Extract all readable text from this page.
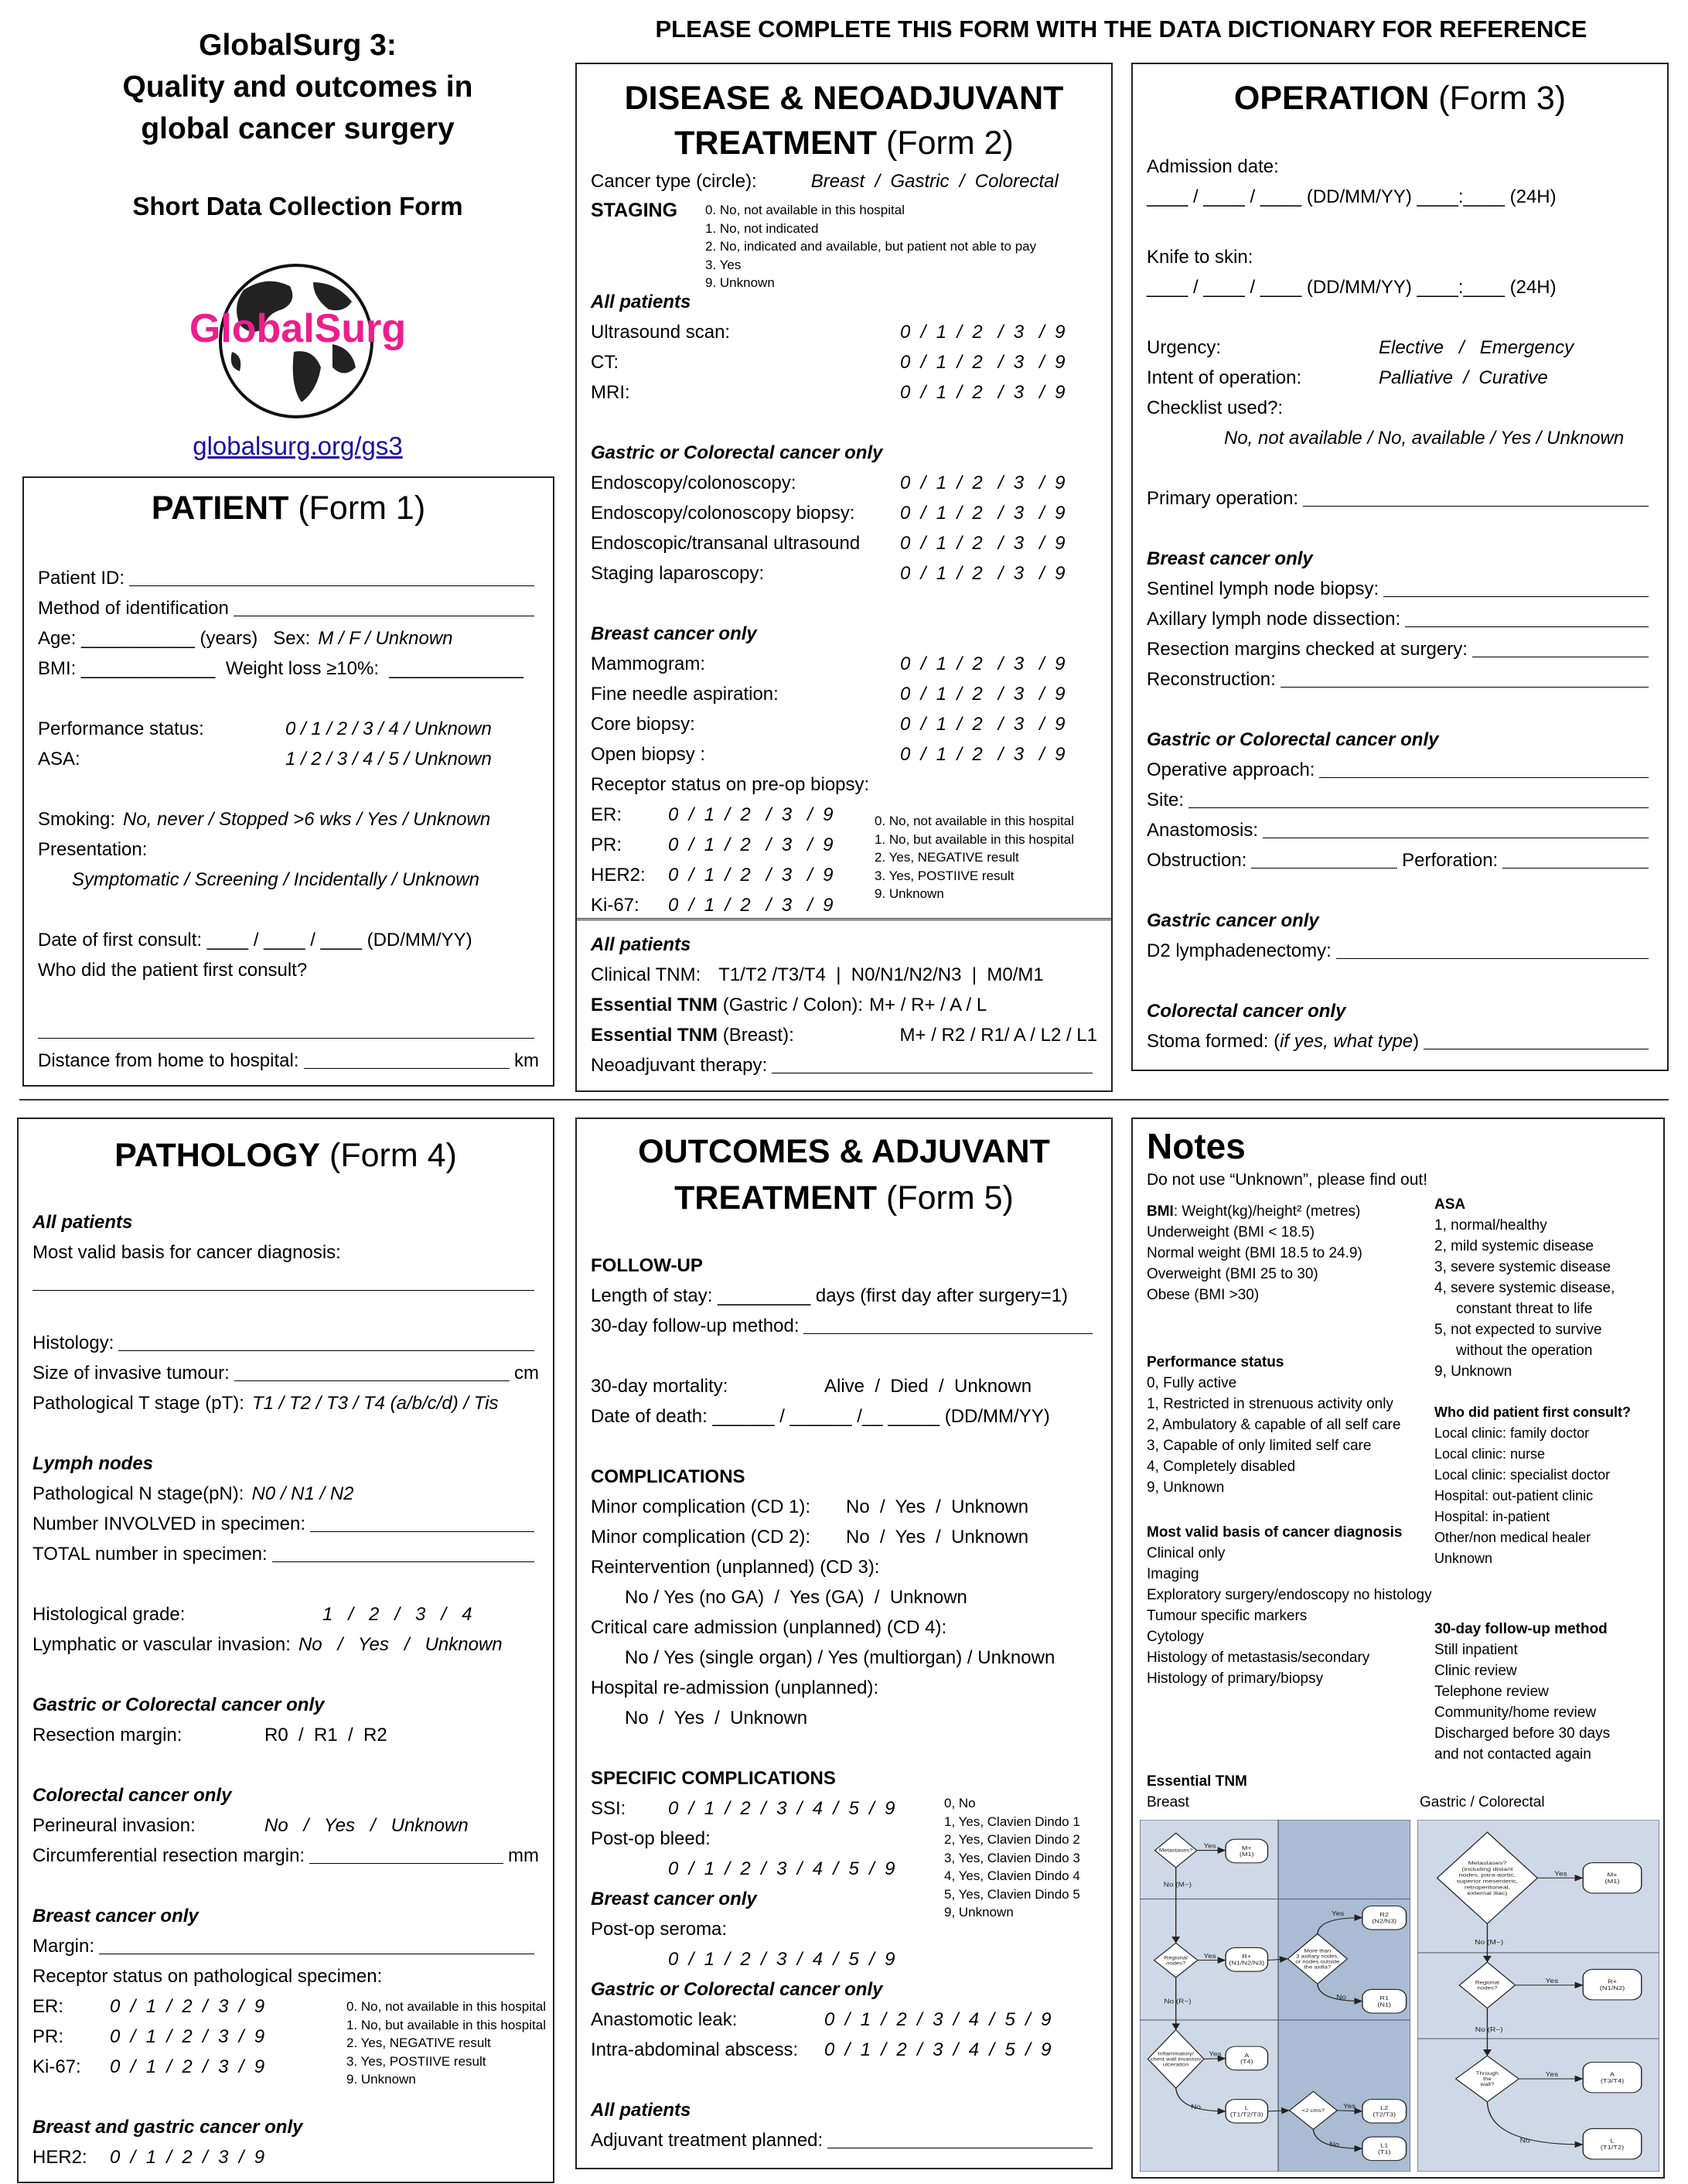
GlobalSurg 3:
Quality and outcomes in
global cancer surgery
Short Data Collection Form
GlobalSurg
globalsurg.org/gs3
PLEASE COMPLETE THIS FORM WITH THE DATA DICTIONARY FOR REFERENCE
PATIENT (Form 1)
Patient ID:
Method of identification
Age: ___________ (years)   Sex: M / F / Unknown
BMI: _____________  Weight loss ≥10%:  _____________
Performance status:	0 / 1 / 2 / 3 / 4 / Unknown
ASA:	1 / 2 / 3 / 4 / 5 / Unknown
Smoking: No, never / Stopped >6 wks / Yes / Unknown
Presentation:
Symptomatic / Screening / Incidentally / Unknown
Date of first consult: ____ / ____ / ____ (DD/MM/YY)
Who did the patient first consult?
Distance from home to hospital:	km
DISEASE & NEOADJUVANT
TREATMENT (Form 2)
Cancer type (circle): Breast  /  Gastric  /  Colorectal
STAGING 0. No, not available in this hospital
1. No, not indicated
2. No, indicated and available, but patient not able to pay
3. Yes
9. Unknown
All patients
Ultrasound scan:	0  /  1  /  2   /  3   /  9
CT:	0  /  1  /  2   /  3   /  9
MRI:	0  /  1  /  2   /  3   /  9
Gastric or Colorectal cancer only
Endoscopy/colonoscopy:	0  /  1  /  2   /  3   /  9
Endoscopy/colonoscopy biopsy:	0  /  1  /  2   /  3   /  9
Endoscopic/transanal ultrasound	0  /  1  /  2   /  3   /  9
Staging laparoscopy:	0  /  1  /  2   /  3   /  9
Breast cancer only
Mammogram:	0  /  1  /  2   /  3   /  9
Fine needle aspiration:	0  /  1  /  2   /  3   /  9
Core biopsy:	0  /  1  /  2   /  3   /  9
Open biopsy :	0  /  1  /  2   /  3   /  9
Receptor status on pre-op biopsy:
ER:	0  /  1  /  2   /  3   /  9
PR:	0  /  1  /  2   /  3   /  9
HER2:	0  /  1  /  2   /  3   /  9
Ki-67:	0  /  1  /  2   /  3   /  9
0. No, not available in this hospital
1. No, but available in this hospital
2. Yes, NEGATIVE result
3. Yes, POSTIIVE result
9. Unknown
All patients
Clinical TNM: T1/T2 /T3/T4  |  N0/N1/N2/N3  |  M0/M1
Essential TNM (Gastric / Colon): M+ / R+ / A / L
Essential TNM (Breast):	M+ / R2 / R1/ A / L2 / L1
Neoadjuvant therapy:
OPERATION (Form 3)
Admission date:
____ / ____ / ____ (DD/MM/YY) ____:____ (24H)
Knife to skin:
____ / ____ / ____ (DD/MM/YY) ____:____ (24H)
Urgency:	Elective   /   Emergency
Intent of operation:	Palliative  /  Curative
Checklist used?:
No, not available / No, available / Yes / Unknown
Primary operation:
Breast cancer only
Sentinel lymph node biopsy:
Axillary lymph node dissection:
Resection margins checked at surgery:
Reconstruction:
Gastric or Colorectal cancer only
Operative approach:
Site:
Anastomosis:
Obstruction:	Perforation:
Gastric cancer only
D2 lymphadenectomy:
Colorectal cancer only
Stoma formed: ( if yes, what type )
PATHOLOGY (Form 4)
All patients
Most valid basis for cancer diagnosis:
Histology:
Size of invasive tumour:	cm
Pathological T stage (pT): T1 / T2 / T3 / T4 (a/b/c/d) / Tis
Lymph nodes
Pathological N stage(pN): N0 / N1 / N2
Number INVOLVED in specimen:
TOTAL number in specimen:
Histological grade:	1   /   2   /   3   /   4
Lymphatic or vascular invasion: No   /   Yes   /   Unknown
Gastric or Colorectal cancer only
Resection margin:	R0  /  R1  /  R2
Colorectal cancer only
Perineural invasion:	No   /   Yes   /   Unknown
Circumferential resection margin:	mm
Breast cancer only
Margin:
Receptor status on pathological specimen:
ER:	0  /  1  /  2  /  3  /  9
PR:	0  /  1  /  2  /  3  /  9
Ki-67:	0  /  1  /  2  /  3  /  9
Breast and gastric cancer only
HER2:	0  /  1  /  2  /  3  /  9
0. No, not available in this hospital
1. No, but available in this hospital
2. Yes, NEGATIVE result
3. Yes, POSTIIVE result
9. Unknown
OUTCOMES & ADJUVANT
TREATMENT (Form 5)
FOLLOW-UP
Length of stay: _________ days (first day after surgery=1)
30-day follow-up method:
30-day mortality:	Alive  /  Died  /  Unknown
Date of death: ______ / ______ /__ _____ (DD/MM/YY)
COMPLICATIONS
Minor complication (CD 1):	No  /  Yes  /  Unknown
Minor complication (CD 2):	No  /  Yes  /  Unknown
Reintervention (unplanned) (CD 3):
No / Yes (no GA)  /  Yes (GA)  /  Unknown
Critical care admission (unplanned) (CD 4):
No / Yes (single organ) / Yes (multiorgan) / Unknown
Hospital re-admission (unplanned):
No  /  Yes  /  Unknown
SPECIFIC COMPLICATIONS
SSI:	0  /  1  /  2  /  3  /  4  /  5  /  9
Post-op bleed:
0  /  1  /  2  /  3  /  4  /  5  /  9
Breast cancer only
Post-op seroma:
0  /  1  /  2  /  3  /  4  /  5  /  9
Gastric or Colorectal cancer only
Anastomotic leak:	0  /  1  /  2  /  3  /  4  /  5  /  9
Intra-abdominal abscess:	0  /  1  /  2  /  3  /  4  /  5  /  9
All patients
Adjuvant treatment planned:
0, No
1, Yes, Clavien Dindo 1
2, Yes, Clavien Dindo 2
3, Yes, Clavien Dindo 3
4, Yes, Clavien Dindo 4
5, Yes, Clavien Dindo 5
9, Unknown
Notes
Do not use “Unknown”, please find out!
BMI: Weight(kg)/height² (metres)
Underweight (BMI < 18.5)
Normal weight (BMI 18.5 to 24.9)
Overweight (BMI 25 to 30)
Obese (BMI >30)
ASA
1, normal/healthy
2, mild systemic disease
3, severe systemic disease
4, severe systemic disease,
constant threat to life
5, not expected to survive
without the operation
9, Unknown
Performance status
0, Fully active
1, Restricted in strenuous activity only
2, Ambulatory & capable of all self care
3, Capable of only limited self care
4, Completely disabled
9, Unknown
Who did patient first consult?
Local clinic: family doctor
Local clinic: nurse
Local clinic: specialist doctor
Hospital: out-patient clinic
Hospital: in-patient
Other/non medical healer
Unknown
Most valid basis of cancer diagnosis
Clinical only
Imaging
Exploratory surgery/endoscopy no histology
Tumour specific markers
Cytology
Histology of metastasis/secondary
Histology of primary/biopsy
30-day follow-up method
Still inpatient
Clinic review
Telephone review
Community/home review
Discharged before 30 days
and not contacted again
Essential TNM
Breast	Gastric / Colorectal
Yes
No (M−)
Yes
Yes
No
No (R−)
Yes
No	Yes
No
Metastases?	M+
(M1)
Regional
nodes?
R+
(N1/N2/N3)
More than
3 axillary nodes,
or nodes outside
the axilla?
R2
(N2/N3)
R1
(N1)
Inflammatory/
chest wall invasion/
ulceration
A
(T4)
L
(T1/T2/T3)
<2 cms?	L2
(T2/T3)
L1
(T1)
Yes
No (M−)
Yes
No (R−)
Yes
No
Metastases?
(including distant
nodes, para-aortic,
superior mesenteric,
retroperitoneal,
external iliac)
M+
(M1)
Regional
nodes?
R+
(N1/N2)
Through
the
wall?
A
(T3/T4)
L
(T1/T2)
